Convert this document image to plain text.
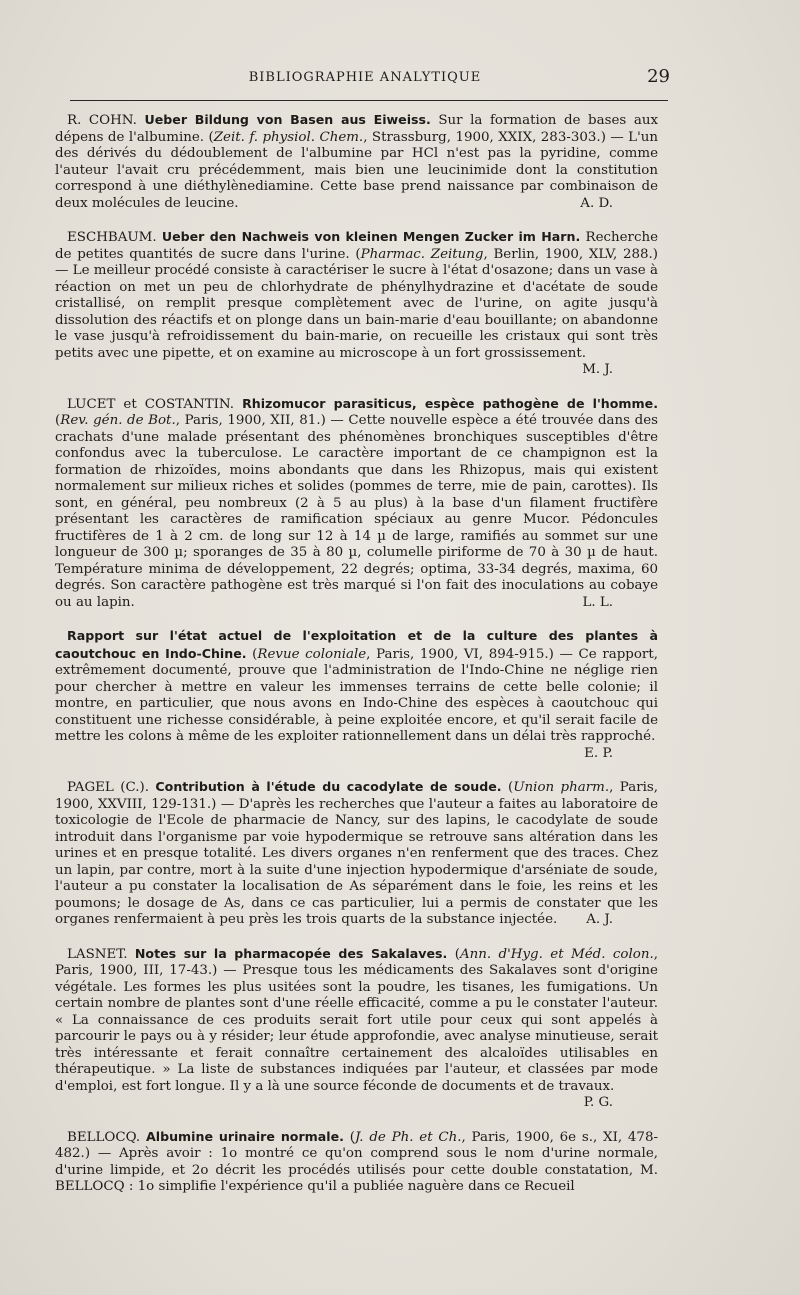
BIBLIOGRAPHIE ANALYTIQUE	29

R. COHN. Ueber Bildung von Basen aus Eiweiss. Sur la formation de bases aux dépens de l'albumine. (Zeit. f. physiol. Chem., Strassburg, 1900, XXIX, 283-303.) — L'un des dérivés du dédoublement de l'albumine par HCl n'est pas la pyridine, comme l'auteur l'avait cru précédemment, mais bien une leucinimide dont la constitution correspond à une diéthylènediamine. Cette base prend naissance par combinaison de deux molécules de leucine.	A. D.

ESCHBAUM. Ueber den Nachweis von kleinen Mengen Zucker im Harn. Recherche de petites quantités de sucre dans l'urine. (Pharmac. Zeitung, Berlin, 1900, XLV, 288.) — Le meilleur procédé consiste à caractériser le sucre à l'état d'osazone; dans un vase à réaction on met un peu de chlorhydrate de phénylhydrazine et d'acétate de soude cristallisé, on remplit presque complètement avec de l'urine, on agite jusqu'à dissolution des réactifs et on plonge dans un bain-marie d'eau bouillante; on abandonne le vase jusqu'à refroidissement du bain-marie, on recueille les cristaux qui sont très petits avec une pipette, et on examine au microscope à un fort grossissement.
M. J.

LUCET et COSTANTIN. Rhizomucor parasiticus, espèce pathogène de l'homme. (Rev. gén. de Bot., Paris, 1900, XII, 81.) — Cette nouvelle espèce a été trouvée dans des crachats d'une malade présentant des phénomènes bronchiques susceptibles d'être confondus avec la tuberculose. Le caractère important de ce champignon est la formation de rhizoïdes, moins abondants que dans les Rhizopus, mais qui existent normalement sur milieux riches et solides (pommes de terre, mie de pain, carottes). Ils sont, en général, peu nombreux (2 à 5 au plus) à la base d'un filament fructifère présentant les caractères de ramification spéciaux au genre Mucor. Pédoncules fructifères de 1 à 2 cm. de long sur 12 à 14 µ de large, ramifiés au sommet sur une longueur de 300 µ; sporanges de 35 à 80 µ, columelle piriforme de 70 à 30 µ de haut. Température minima de développement, 22 degrés; optima, 33-34 degrés, maxima, 60 degrés. Son caractère pathogène est très marqué si l'on fait des inoculations au cobaye ou au lapin.	L. L.

Rapport sur l'état actuel de l'exploitation et de la culture des plantes à caoutchouc en Indo-Chine. (Revue coloniale, Paris, 1900, VI, 894-915.) — Ce rapport, extrêmement documenté, prouve que l'administration de l'Indo-Chine ne néglige rien pour chercher à mettre en valeur les immenses terrains de cette belle colonie; il montre, en particulier, que nous avons en Indo-Chine des espèces à caoutchouc qui constituent une richesse considérable, à peine exploitée encore, et qu'il serait facile de mettre les colons à même de les exploiter rationnellement dans un délai très rapproché.
E. P.

PAGEL (C.). Contribution à l'étude du cacodylate de soude. (Union pharm., Paris, 1900, XXVIII, 129-131.) — D'après les recherches que l'auteur a faites au laboratoire de toxicologie de l'Ecole de pharmacie de Nancy, sur des lapins, le cacodylate de soude introduit dans l'organisme par voie hypodermique se retrouve sans altération dans les urines et en presque totalité. Les divers organes n'en renferment que des traces. Chez un lapin, par contre, mort à la suite d'une injection hypodermique d'arséniate de soude, l'auteur a pu constater la localisation de As séparément dans le foie, les reins et les poumons; le dosage de As, dans ce cas particulier, lui a permis de constater que les organes renfermaient à peu près les trois quarts de la substance injectée.	A. J.

LASNET. Notes sur la pharmacopée des Sakalaves. (Ann. d'Hyg. et Méd. colon., Paris, 1900, III, 17-43.) — Presque tous les médicaments des Sakalaves sont d'origine végétale. Les formes les plus usitées sont la poudre, les tisanes, les fumigations. Un certain nombre de plantes sont d'une réelle efficacité, comme a pu le constater l'auteur. « La connaissance de ces produits serait fort utile pour ceux qui sont appelés à parcourir le pays ou à y résider; leur étude approfondie, avec analyse minutieuse, serait très intéressante et ferait connaître certainement des alcaloïdes utilisables en thérapeutique. » La liste de substances indiquées par l'auteur, et classées par mode d'emploi, est fort longue. Il y a là une source féconde de documents et de travaux.
P. G.

BELLOCQ. Albumine urinaire normale. (J. de Ph. et Ch., Paris, 1900, 6e s., XI, 478-482.) — Après avoir : 1o montré ce qu'on comprend sous le nom d'urine normale, d'urine limpide, et 2o décrit les procédés utilisés pour cette double constatation, M. BELLOCQ : 1o simplifie l'expérience qu'il a publiée naguère dans ce Recueil
